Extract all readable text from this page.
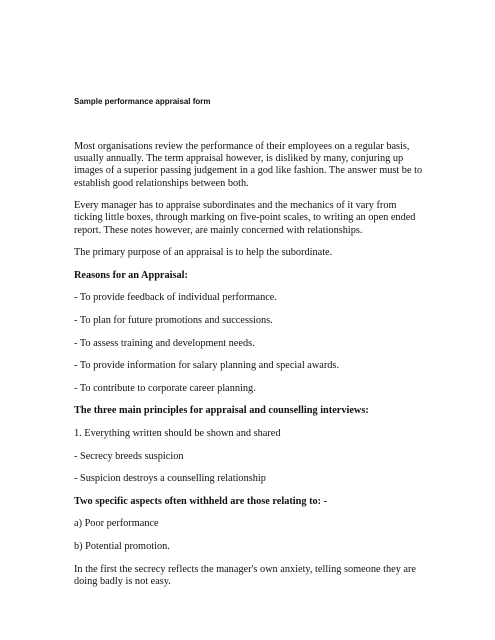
Sample performance appraisal form

Most organisations review the performance of their employees on a regular basis, usually annually. The term appraisal however, is disliked by many, conjuring up images of a superior passing judgement in a god like fashion. The answer must be to establish good relationships between both.

Every manager has to appraise subordinates and the mechanics of it vary from ticking little boxes, through marking on five-point scales, to writing an open ended report. These notes however, are mainly concerned with relationships.

The primary purpose of an appraisal is to help the subordinate.

Reasons for an Appraisal:

- To provide feedback of individual performance.

- To plan for future promotions and successions.

- To assess training and development needs.

- To provide information for salary planning and special awards.

- To contribute to corporate career planning.

The three main principles for appraisal and counselling interviews:

1. Everything written should be shown and shared

- Secrecy breeds suspicion

- Suspicion destroys a counselling relationship

Two specific aspects often withheld are those relating to: -

a) Poor performance

b) Potential promotion.

In the first the secrecy reflects the manager's own anxiety, telling someone they are doing badly is not easy.
